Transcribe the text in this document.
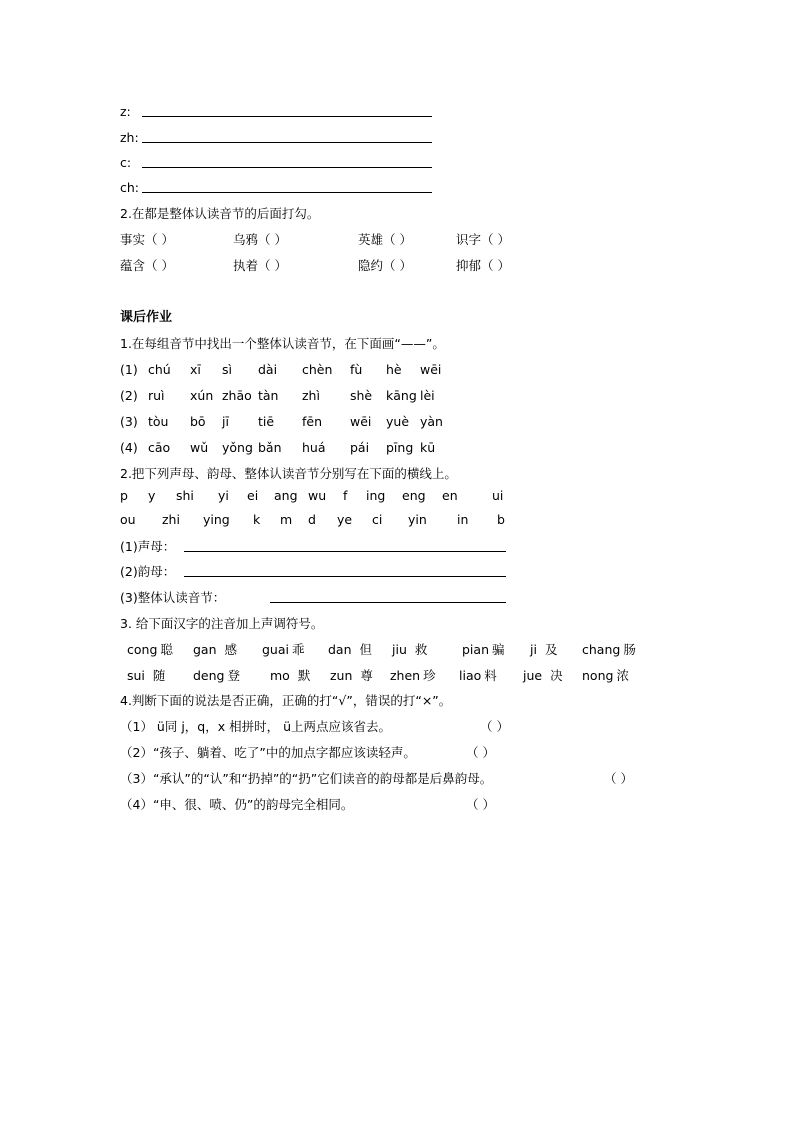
z:
zh:
c:
ch:
2.在都是整体认读音节的后面打勾。
事实（ ）	乌鸦（ ）	英雄（ ）	识字（ ）
蕴含（ ）	执着（ ）	隐约（ ）	抑郁（ ）
课后作业
1.在每组音节中找出一个整体认读音节，在下面画“——”。
(1) chú xī sì dài chèn fù hè wēi
(2) ruì xún zhāo tàn zhì shè kāng lèi
(3) tòu bō jī tiē fēn wēi yuè yàn
(4) cāo wǔ yǒng bǎn huá pái pīng kū
2.把下列声母、韵母、整体认读音节分别写在下面的横线上。
p y shi yi ei ang wu f ing eng en	ui
ou zhi ying k m d ye ci yin in b
(1)声母：
(2)韵母：
(3)整体认读音节：
3. 给下面汉字的注音加上声调符号。
cong 聪 gan 感 guai 乖 dan 但 jiu 救	pian 骗 ji 及 chang 肠
sui 随 deng 登 mo 默 zun 尊 zhen 珍 liao 料 jue 决 nong 浓
4.判断下面的说法是否正确，正确的打“√”，错误的打“×”。
（1） ü同 j，q，x 相拼时， ü上两点应该省去。	（ ）
（2）“孩子、躺着、吃了”中的加点字都应该读轻声。	（ ）
（3）“承认”的“认”和“扔掉”的“扔”它们读音的韵母都是后鼻韵母。	（ ）
（4）“申、很、喷、仍”的韵母完全相同。	（ ）
